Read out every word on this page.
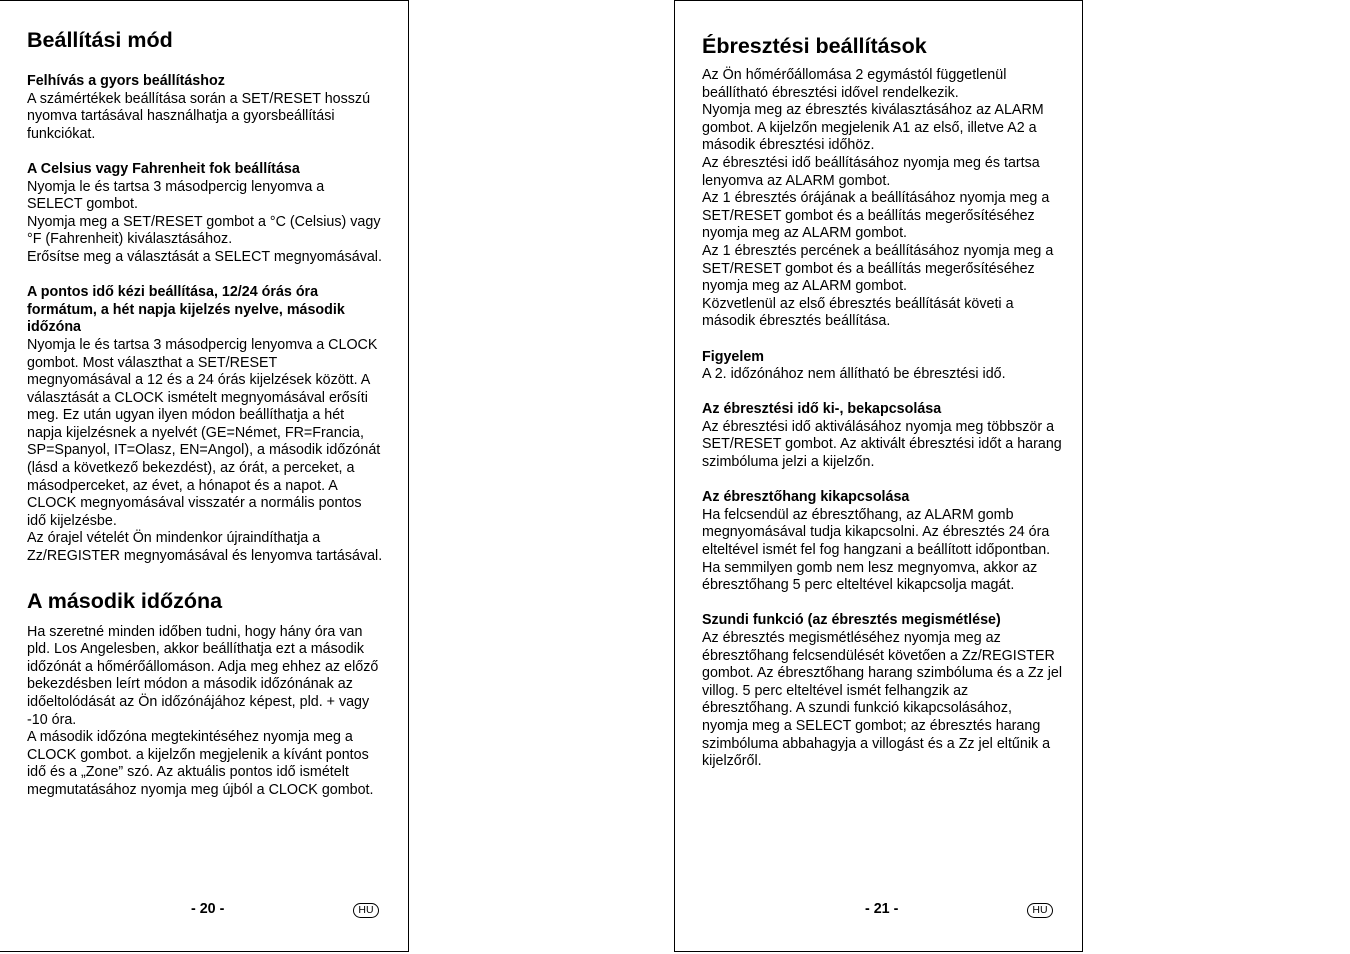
Beállítási mód
Felhívás a gyors beállításhoz
A számértékek beállítása során a SET/RESET hosszú nyomva tartásával használhatja a gyorsbeállítási funkciókat.
A Celsius vagy Fahrenheit fok beállítása
Nyomja le és tartsa 3 másodpercig lenyomva a SELECT gombot.
Nyomja meg a SET/RESET gombot a °C (Celsius) vagy °F (Fahrenheit) kiválasztásához.
Erősítse meg a választását a SELECT megnyomásával.
A pontos idő kézi beállítása, 12/24 órás óra formátum, a hét napja kijelzés nyelve, második időzóna
Nyomja le és tartsa 3 másodpercig lenyomva a CLOCK gombot. Most választhat a SET/RESET megnyomásával a 12 és a 24 órás kijelzések között. A választását a CLOCK ismételt megnyomásával erősíti meg. Ez után ugyan ilyen módon beállíthatja a hét napja kijelzésnek a nyelvét (GE=Német, FR=Francia, SP=Spanyol, IT=Olasz, EN=Angol), a második időzónát (lásd a következő bekezdést), az órát, a perceket, a másodperceket, az évet, a hónapot és a napot. A CLOCK megnyomásával visszatér a normális pontos idő kijelzésbe.
Az órajel vételét Ön mindenkor újraindíthatja a Zz/REGISTER megnyomásával és lenyomva tartásával.
A második időzóna
Ha szeretné minden időben tudni, hogy hány óra van pld. Los Angelesben, akkor beállíthatja ezt a második időzónát a hőmérőállomáson. Adja meg ehhez az előző bekezdésben leírt módon a második időzónának az időeltolódását az Ön időzónájához képest, pld. + vagy -10 óra.
A második időzóna megtekintéséhez nyomja meg a CLOCK gombot. a kijelzőn megjelenik a kívánt pontos idő és a „Zone” szó. Az aktuális pontos idő ismételt megmutatásához nyomja meg újból a CLOCK gombot.
- 20 -	HU
Ébresztési beállítások
Az Ön hőmérőállomása 2 egymástól függetlenül beállítható ébresztési idővel rendelkezik.
Nyomja meg az ébresztés kiválasztásához az ALARM gombot. A kijelzőn megjelenik A1 az első, illetve A2 a második ébresztési időhöz.
Az ébresztési idő beállításához nyomja meg és tartsa lenyomva az ALARM gombot.
Az 1 ébresztés órájának a beállításához nyomja meg a SET/RESET gombot és a beállítás megerősítéséhez nyomja meg az ALARM gombot.
Az 1 ébresztés percének a beállításához nyomja meg a SET/RESET gombot és a beállítás megerősítéséhez nyomja meg az ALARM gombot.
Közvetlenül az első ébresztés beállítását követi a második ébresztés beállítása.
Figyelem
A 2. időzónához nem állítható be ébresztési idő.
Az ébresztési idő ki-, bekapcsolása
Az ébresztési idő aktiválásához nyomja meg többször a SET/RESET gombot. Az aktivált ébresztési időt a harang szimbóluma jelzi a kijelzőn.
Az ébresztőhang kikapcsolása
Ha felcsendül az ébresztőhang, az ALARM gomb megnyomásával tudja kikapcsolni. Az ébresztés 24 óra elteltével ismét fel fog hangzani a beállított időpontban. Ha semmilyen gomb nem lesz megnyomva, akkor az ébresztőhang 5 perc elteltével kikapcsolja magát.
Szundi funkció (az ébresztés megismétlése)
Az ébresztés megismétléséhez nyomja meg az ébresztőhang felcsendülését követően a Zz/REGISTER gombot. Az ébresztőhang harang szimbóluma és a Zz jel villog. 5 perc elteltével ismét felhangzik az ébresztőhang. A szundi funkció kikapcsolásához, nyomja meg a SELECT gombot; az ébresztés harang szimbóluma abbahagyja a villogást és a Zz jel eltűnik a kijelzőről.
- 21 -	HU
